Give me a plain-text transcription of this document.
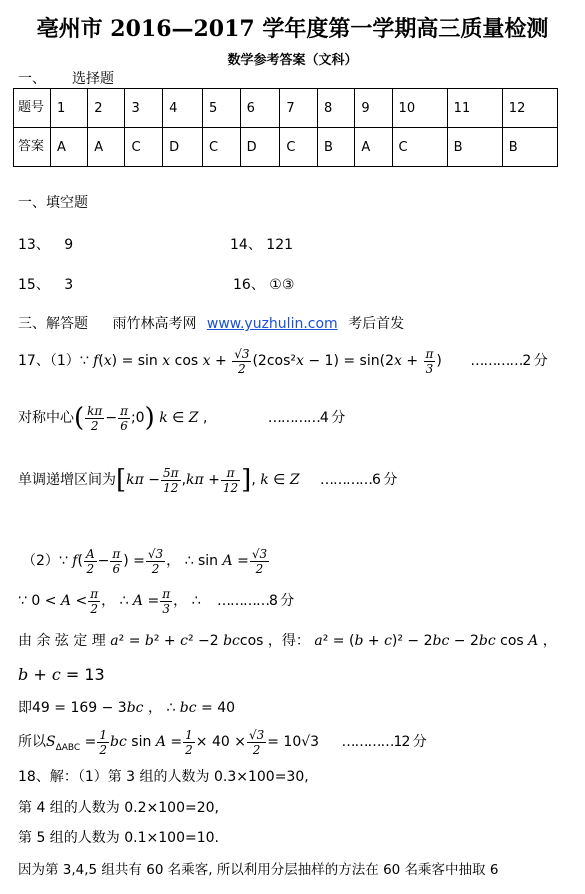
亳州市 2016—2017 学年度第一学期高三质量检测
数学参考答案（文科）
一、 选择题
题号	1	2	3	4	5	6	7	8	9	10	11	12
答案	A	A	C	D	C	D	C	B	A	C	B	B
一、填空题
13、 9	14、 121
15、 3	16、 ①③
三、解答题 雨竹林高考网 www.yuzhulin.com 考后首发
17、（1）∵ f(x) = sin x $\cos x + \frac{√3}{2} (2\cos^2x - 1) = \sin(2x + \frac{\pi}{3}$ ) …………2 分
对称中心( $\frac{k\pi}{2} - \frac{\pi}{6}$ ;0) k ∈ Z ,	…………4 分
单调递增区间为[$k\pi - \frac{5\pi}{12} ,k\pi + \frac{\pi}{12}$ ], k ∈ Z …………6 分
（2）∵ $f( \frac{A}{2} - \frac{\pi}{6}$ ) = $\frac{√3}{2}$ ， ∴ $\sin A = \frac{√3}{2}$
∵ $0 < A < \frac{\pi}{2}$ ， ∴ $A = \frac{\pi}{3}$ ， ∴ …………8 分
由 余 弦 定 理 a² = b² + c² −2 bccos ，得： a² = (b + c)² − 2bc − 2bc cos A ，
b + c = 13
即49 = 169 − 3bc ， ∴ bc = 40
所以$S_{\Delta ABC} = \frac{1}{2}$ bc $\sin A = \frac{1}{2} \times 40 \times \frac{√3}{2} = 10√3$ …………12 分
18、解：（1）第 3 组的人数为 0.3×100=30,
第 4 组的人数为 0.2×100=20,
第 5 组的人数为 0.1×100=10.
因为第 3,4,5 组共有 60 名乘客, 所以利用分层抽样的方法在 60 名乘客中抽取 6
